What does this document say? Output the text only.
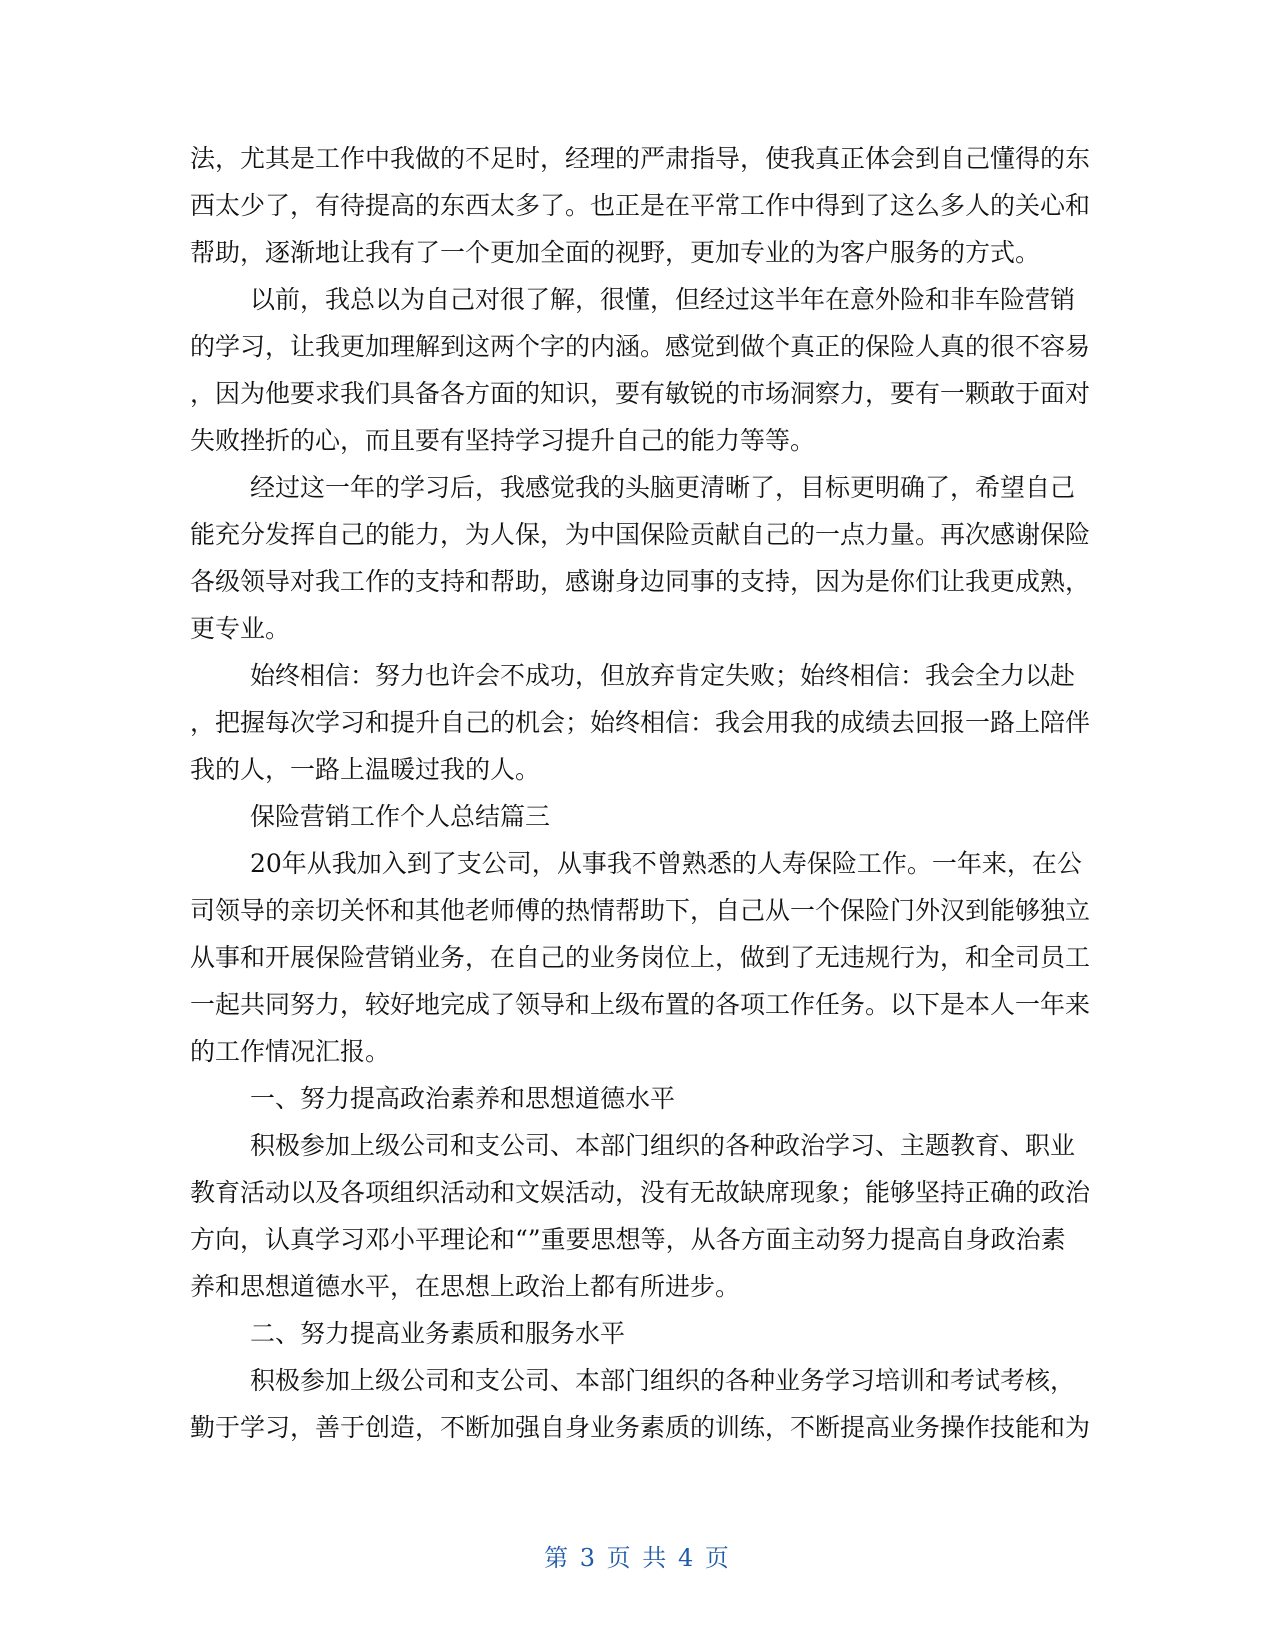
法，尤其是工作中我做的不足时，经理的严肃指导，使我真正体会到自己懂得的东
西太少了，有待提高的东西太多了。也正是在平常工作中得到了这么多人的关心和
帮助，逐渐地让我有了一个更加全面的视野，更加专业的为客户服务的方式。
以前，我总以为自己对很了解，很懂，但经过这半年在意外险和非车险营销
的学习，让我更加理解到这两个字的内涵。感觉到做个真正的保险人真的很不容易
，因为他要求我们具备各方面的知识，要有敏锐的市场洞察力，要有一颗敢于面对
失败挫折的心，而且要有坚持学习提升自己的能力等等。
经过这一年的学习后，我感觉我的头脑更清晰了，目标更明确了，希望自己
能充分发挥自己的能力，为人保，为中国保险贡献自己的一点力量。再次感谢保险
各级领导对我工作的支持和帮助，感谢身边同事的支持，因为是你们让我更成熟，
更专业。
始终相信：努力也许会不成功，但放弃肯定失败；始终相信：我会全力以赴
，把握每次学习和提升自己的机会；始终相信：我会用我的成绩去回报一路上陪伴
我的人，一路上温暖过我的人。
保险营销工作个人总结篇三
20年从我加入到了支公司，从事我不曾熟悉的人寿保险工作。一年来，在公
司领导的亲切关怀和其他老师傅的热情帮助下，自己从一个保险门外汉到能够独立
从事和开展保险营销业务，在自己的业务岗位上，做到了无违规行为，和全司员工
一起共同努力，较好地完成了领导和上级布置的各项工作任务。以下是本人一年来
的工作情况汇报。
一、努力提高政治素养和思想道德水平
积极参加上级公司和支公司、本部门组织的各种政治学习、主题教育、职业
教育活动以及各项组织活动和文娱活动，没有无故缺席现象；能够坚持正确的政治
方向，认真学习邓小平理论和“”重要思想等，从各方面主动努力提高自身政治素
养和思想道德水平，在思想上政治上都有所进步。
二、努力提高业务素质和服务水平
积极参加上级公司和支公司、本部门组织的各种业务学习培训和考试考核，
勤于学习，善于创造，不断加强自身业务素质的训练，不断提高业务操作技能和为
第 3 页 共 4 页
